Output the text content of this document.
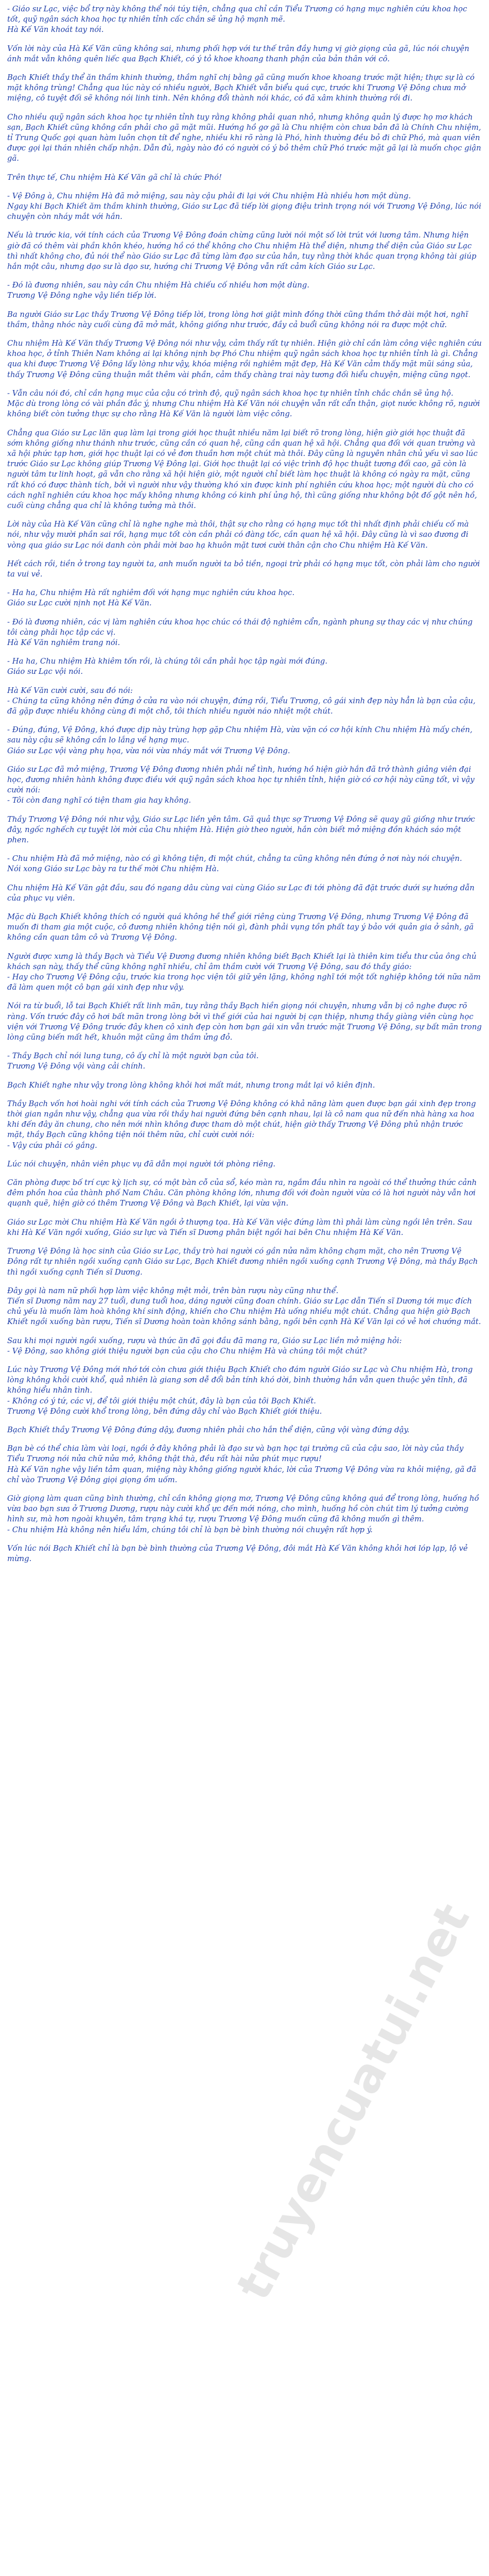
- Giáo sư Lạc, việc bổ trợ này không thể nói túy tiện, chẳng qua chỉ cần Tiểu Trương có hạng mục nghiên cứu khoa học tốt, quỹ ngân sách khoa học tự nhiên tỉnh cấc chắn sẽ ủng hộ mạnh mẽ.
Hà Kế Văn khoát tay nói.

Vốn lời này của Hà Kế Văn cũng không sai, nhưng phối hợp với tư thế trân đầy hưng vị giờ giọng của gã, lúc nói chuyện ánh mắt vẫn không quên liếc qua Bạch Khiết, có ý tỏ khoe khoang thanh phận của bản thân với cô.

Bạch Khiết thầy thể ăn thầm khinh thường, thầm nghĩ chị bằng gã cũng muốn khoe khoang trước mặt hiện; thực sự là có mặt không trùng! Chẳng qua lúc này có nhiều người, Bạch Khiết vẫn biểu quá cực, trước khi Trương Vệ Đông chưa mở miệng, cô tuyệt đối sẽ không nói linh tinh. Nên không đổi thành nói khác, có đã xâm khinh thường rồi đi.

Cho nhiều quỹ ngân sách khoa học tự nhiên tỉnh tuy rằng không phải quan nhỏ, nhưng không quản lý được họ mơ khách sạn, Bạch Khiết cũng không cần phải cho gã mặt mũi. Hướng hồ gơ gã là Chu nhiệm còn chưa bản đã là Chính Chu nhiệm, tỉ Trung Quốc gọi quan hàm luôn chọn tít để nghe, nhiều khi rõ ràng là Phó, hình thường đều bỏ đi chữ Phó, mà quan viên được gọi lại thán nhiên chấp nhận. Dẫn đủ, ngày nào đó có người có ý bỏ thêm chữ Phó trước mặt gã lại là muốn chọc giận gã.

Trên thực tế, Chu nhiệm Hà Kế Văn gã chỉ là chức Phó!

- Vệ Đông à, Chu nhiệm Hà đã mở miệng, sau này cậu phải đi lại với Chu nhiệm Hà nhiều hơn một dùng.
Ngay khi Bạch Khiết ăm thầm khinh thường, Giáo sư Lạc đã tiếp lời giọng điệu trình trọng nói với Trương Vệ Đông, lúc nói chuyện còn nháy mắt với hắn.

Nếu là trước kia, với tính cách của Trương Vệ Đông đoán chừng cũng lười nói một số lời trút với lương tâm. Nhưng hiện giờ đã có thêm vài phần khôn khéo, hướng hồ có thể không cho Chu nhiệm Hà thể diện, nhưng thể diện của Giáo sư Lạc thì nhất không cho, đủ nói thể nào Giáo sư Lạc đã từng làm đạo sư của hắn, tuy rằng thời khắc quan trọng không tài giúp hắn một câu, nhưng dạo sư là dạo sư, hướng chi Trương Vệ Đông vẫn rất cảm kích Giáo sư Lạc.

- Đó là đương nhiên, sau này cần Chu nhiệm Hà chiếu cố nhiều hơn một dùng.
Trương Vệ Đông nghe vậy liền tiếp lời.

Ba người Giáo sư Lạc thầy Trương Vệ Đông tiếp lời, trong lòng hơi giật mình đồng thời cũng thầm thở dài một hơi, nghĩ thầm, thằng nhóc này cuối cùng đã mở mắt, không giống như trước, đầy cả buổi cũng không nói ra được một chữ.

Chu nhiệm Hà Kế Văn thấy Trương Vệ Đông nói như vậy, cảm thấy rất tự nhiên. Hiện giờ chỉ cần làm công việc nghiên cứu khoa học, ở tỉnh Thiên Nam không ai lại không nịnh bợ Phó Chu nhiệm quỹ ngân sách khoa học tự nhiên tỉnh là gì. Chẳng qua khi được Trương Vệ Đông lấy lòng như vậy, khóa miệng rồi nghiêm mặt đẹp, Hà Kế Văn cảm thấy mặt mũi sáng sủa, thấy Trương Vệ Đông cũng thuận mắt thêm vài phần, cảm thấy chàng trai này tương đối hiểu chuyện, miệng cũng ngọt.

- Vẫn câu nói đó, chỉ cần hạng mục của cậu có trình độ, quỹ ngân sách khoa học tự nhiên tỉnh chắc chắn sẽ ủng hộ.
Mặc dù trong lòng có vài phần đắc ý, nhưng Chu nhiệm Hà Kế Văn nói chuyện vẫn rất cẩn thận, giọt nước không rõ, người không biết còn tưởng thực sự cho rằng Hà Kế Văn là người làm việc công.

Chẳng qua Giáo sư Lạc lăn quạ làm lại trong giới học thuật nhiều năm lại biết rõ trong lòng, hiện giờ giới học thuật đã sớm không giống như thánh như trước, cũng cần có quan hệ, cũng cần quan hệ xã hội. Chẳng qua đối với quan trường và xã hội phức tạp hơn, giới học thuật lại có vẻ đơn thuần hơn một chút mà thôi. Đây cũng là nguyên nhân chủ yếu vì sao lúc trước Giáo sư Lạc không giúp Trương Vệ Đông lại. Giới học thuật lại có việc trình độ học thuật tương đối cao, gã còn là người tâm tư linh hoạt, gã vẫn cho rằng xã hội hiện giờ, một người chỉ biết làm học thuật là không có ngày ra mặt, cũng rất khó có được thành tích, bởi vì người như vậy thường khó xin được kinh phí nghiên cứu khoa học; một người dù cho có cách nghĩ nghiên cứu khoa học mấy không nhưng không có kinh phí ủng hộ, thì cũng giống như không bột đố gột nên hồ, cuối cùng chẳng qua chỉ là không tưởng mà thôi.

Lời này của Hà Kế Văn cũng chỉ là nghe nghe mà thôi, thật sự cho rằng có hạng mục tốt thì nhất định phải chiếu cố mà nói, như vậy mười phần sai rồi, hạng mục tốt còn cần phải có đàng tốc, cần quan hệ xã hội. Đây cũng là vì sao đương đi vòng qua giáo sư Lạc nói danh còn phải mời bao hạ khuôn mặt tươi cười thân cận cho Chu nhiệm Hà Kế Văn.

Hết cách rồi, tiền ở trong tay người ta, anh muốn người ta bỏ tiền, ngoại trừ phải có hạng mục tốt, còn phải làm cho người ta vui vẻ.

- Ha ha, Chu nhiệm Hà rất nghiêm đối với hạng mục nghiên cứu khoa học.
Giáo sư Lạc cười nịnh nọt Hà Kế Văn.

- Đó là đương nhiên, các vị làm nghiên cứu khoa học chúc có thái độ nghiêm cẩn, ngành phung sự thay các vị như chúng tôi càng phải học tập các vị.
Hà Kế Văn nghiêm trang nói.

- Ha ha, Chu nhiệm Hà khiêm tốn rồi, là chúng tôi cần phải học tập ngài mới đúng.
Giáo sư Lạc vội nói.

Hà Kế Văn cười cười, sau đó nói:
- Chúng ta cũng không nên đứng ở cửa ra vào nói chuyện, đứng rồi, Tiểu Trương, cô gái xinh đẹp này hẳn là bạn của cậu, đã gặp được nhiều không cùng đi một chỗ, tôi thích nhiều người náo nhiệt một chút.

- Đúng, đúng, Vệ Đông, khó được dịp này trùng hợp gặp Chu nhiệm Hà, vừa vặn có cơ hội kính Chu nhiệm Hà mấy chén, sau này cậu sẽ không cần lo lắng về hạng mục.
Giáo sư Lạc vội vàng phụ họa, vừa nói vừa nháy mắt với Trương Vệ Đông.

Giáo sư Lạc đã mở miệng, Trương Vệ Đông đương nhiên phải nể tình, hướng hồ hiện giờ hắn đã trở thành giảng viên đại học, đương nhiên hành không được điều với quỹ ngân sách khoa học tự nhiên tỉnh, hiện giờ có cơ hội này cũng tốt, vì vậy cười nói:
- Tôi còn đang nghĩ có tiện tham gia hay không.

Thầy Trương Vệ Đông nói như vậy, Giáo sư Lạc liền yên tâm. Gã quả thực sợ Trương Vệ Đông sẽ quay gũ giống như trước đây, ngốc nghếch cự tuyệt lời mời của Chu nhiệm Hà. Hiện giờ theo người, hắn còn biết mở miệng đồn khách sáo một phen.

- Chu nhiệm Hà đã mở miệng, nào có gì không tiện, đi một chút, chẳng ta cũng không nên đứng ở nơi này nói chuyện.
Nói xong Giáo sư Lạc bày ra tư thế mời Chu nhiệm Hà.

Chu nhiệm Hà Kế Văn gật đầu, sau đó ngang dâu cùng vai cùng Giáo sư Lạc đi tới phòng đã đặt trước dưới sự hướng dẫn của phục vụ viên.

Mặc dù Bạch Khiết không thích có người quá không hề thể giới riêng cùng Trương Vệ Đông, nhưng Trương Vệ Đông đã muốn đi tham gia một cuộc, cô đương nhiên không tiện nói gì, đành phải vụng tồn phất tay ý bảo với quản gia ở sảnh, gã không cần quan tâm cô và Trương Vệ Đông.

Người được xưng là thầy Bạch và Tiểu Vệ Đương đương nhiên không biết Bạch Khiết lại là thiên kim tiểu thư của ông chủ khách sạn này, thấy thể cũng không nghĩ nhiều, chỉ âm thầm cười với Trương Vệ Đông, sau đó thầy giáo:
- Hay cho Trương Vệ Đông cậu, trước kia trong học viện tôi giữ yên lặng, không nghĩ tới một tốt nghiệp không tới nữa năm đã làm quen một cô bạn gái xinh đẹp như vậy.

Nói ra từ buổi, lỗ tai Bạch Khiết rất linh mãn, tuy rằng thầy Bạch hiền giọng nói chuyện, nhưng vẫn bị cô nghe được rõ ràng. Vốn trước đây cô hơi bất mãn trong lòng bởi vì thế giới của hai người bị cạn thiệp, nhưng thầy giàng viên cùng học viện với Trương Vệ Đông trước đây khen cô xinh đẹp còn hơn bạn gái xin vẫn trước mặt Trương Vệ Đông, sự bất mãn trong lòng cũng biến mất hết, khuôn mặt cũng âm thầm ửng đỏ.

- Thầy Bạch chỉ nói lung tung, cô ấy chỉ là một người bạn của tôi.
Trương Vệ Đông vội vàng cải chính.

Bạch Khiết nghe như vậy trong lòng không khỏi hơi mất mát, nhưng trong mắt lại vô kiên định.

Thầy Bạch vốn hơi hoài nghi với tính cách của Trương Vệ Đông không có khả năng làm quen được bạn gái xinh đẹp trong thời gian ngắn như vậy, chẳng qua vừa rồi thầy hai người đứng bên cạnh nhau, lại là cô nam qua nữ đến nhà hàng xa hoa khi đến đây ăn chung, cho nên mới nhìn không được tham dò một chút, hiện giờ thấy Trương Vệ Đông phủ nhận trước mặt, thầy Bạch cũng không tiện nói thêm nữa, chỉ cười cười nói:
- Vậy cứa phải có gắng.

Lúc nói chuyện, nhân viên phục vụ đã dẫn mọi người tới phòng riêng.

Căn phòng được bố trí cực kỳ lịch sự, có một bàn cỗ của sổ, kéo màn ra, ngắm đầu nhìn ra ngoài có thể thưởng thức cảnh đêm phồn hoa của thành phố Nam Châu. Căn phòng không lớn, nhưng đối với đoàn người vừa có là hơi người này vẫn hơi quạnh quẽ, hiện giờ có thêm Trương Vệ Đông và Bạch Khiết, lại vừa vặn.

Giáo sư Lạc mời Chu nhiệm Hà Kế Văn ngồi ở thượng tọa. Hà Kế Văn việc đứng làm thì phải làm cùng ngồi lên trên. Sau khi Hà Kế Văn ngồi xuống, Giáo sư lực và Tiến sĩ Dương phân biệt ngồi hai bên Chu nhiệm Hà Kế Văn.

Trương Vệ Đông là học sinh của Giáo sư Lạc, thầy trò hai người có gần nửa năm không chạm mặt, cho nên Trương Vệ Đông rất tự nhiên ngồi xuống cạnh Giáo sư Lạc, Bạch Khiết đương nhiên ngồi xuống cạnh Trương Vệ Đông, mà thầy Bạch thì ngồi xuống cạnh Tiến sĩ Dương.

Đây gọi là nam nữ phối hợp làm việc không mệt mỏi, trên bàn rượu này cũng như thể.
Tiến sĩ Dương năm nay 27 tuổi, dung tuổi hoa, dáng người cũng đoan chính. Giáo sư Lạc dẫn Tiến sĩ Dương tới mục đích chủ yếu là muốn làm hoà không khí sinh động, khiến cho Chu nhiệm Hà uống nhiều một chút. Chẳng qua hiện giờ Bạch Khiết ngồi xuống bàn rượu, Tiến sĩ Dương hoàn toàn không sánh bằng, ngồi bên cạnh Hà Kế Văn lại có vẻ hơi chướng mắt.

Sau khi mọi người ngồi xuống, rượu và thức ăn đã gọi đầu đã mang ra, Giáo sư Lạc liền mở miệng hỏi:
- Vệ Đông, sao không giới thiệu người bạn của cậu cho Chu nhiệm Hà và chúng tôi một chút?

Lúc này Trương Vệ Đông mới nhớ tới còn chưa giới thiệu Bạch Khiết cho đám người Giáo sư Lạc và Chu nhiệm Hà, trong lòng không khỏi cười khổ, quả nhiên là giang sơn dễ đổi bản tính khó dời, bình thường hắn vẫn quen thuộc yên tĩnh, đã không hiểu nhân tình.
- Không có ý tứ, các vị, để tôi giới thiệu một chút, đây là bạn của tôi Bạch Khiết.
Trương Vệ Đông cười khổ trong lòng, bên đứng dây chỉ vào Bạch Khiết giới thiệu.

Bạch Khiết thầy Trương Vệ Đông đứng dậy, đương nhiên phải cho hắn thể diện, cũng vội vàng đứng dậy.

Bạn bè có thể chia làm vài loại, ngồi ở đây không phải là đạo sư và bạn học tại trường cũ của cậu sao, lời này của thầy Tiểu Trương nói nửa chữ nửa mở, không thật thà, đều rất hài nửa phút mục rượu!
Hà Kế Văn nghe vậy liền tảm quan, miệng này không giống người khác, lời của Trương Vệ Đông vừa ra khỏi miệng, gã đã chỉ vào Trương Vệ Đông giọi giọng ồm uốm.

Giờ giọng làm quan cũng bình thường, chỉ cần không giọng mơ, Trương Vệ Đông cũng không quá để trong lòng, huống hồ vừa bao bạn sưa ở Trương Dương, rượu này cười khổ ực đến mới nóng, cho mình, huống hồ còn chút tìm lý tưởng cường hình sư, mà hơn ngoài khuyên, tâm trạng khá tự, rượu Trương Vệ Đông muốn cũng đã không muốn gì thêm.
- Chu nhiệm Hà không nên hiểu lầm, chúng tôi chỉ là bạn bè bình thường nói chuyện rất hợp ý.

Vốn lúc nói Bạch Khiết chỉ là bạn bè bình thường của Trương Vệ Đông, đôi mắt Hà Kế Văn không khỏi hơi lóp lạp, lộ vẻ mừng.

truyencuatui.net
